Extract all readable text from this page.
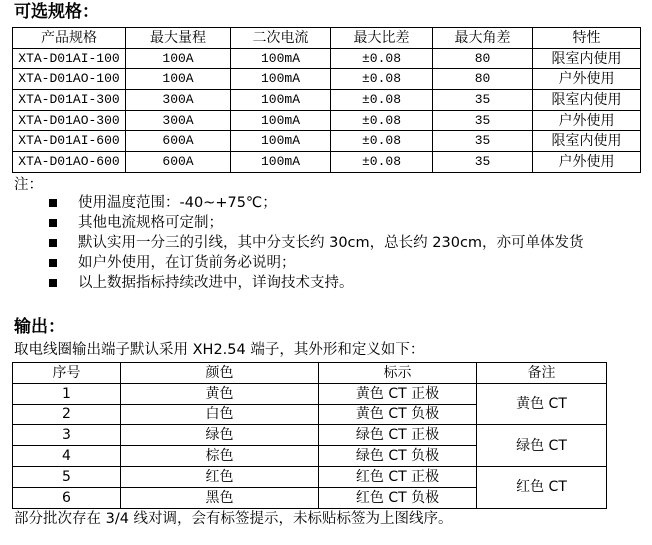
可选规格：
产品规格	最大量程	二次电流	最大比差	最大角差	特性
XTA-D01AI-100	100A	100mA	±0.08	80	限室内使用
XTA-D01AO-100	100A	100mA	±0.08	80	户外使用
XTA-D01AI-300	300A	100mA	±0.08	35	限室内使用
XTA-D01AO-300	300A	100mA	±0.08	35	户外使用
XTA-D01AI-600	600A	100mA	±0.08	35	限室内使用
XTA-D01AO-600	600A	100mA	±0.08	35	户外使用
注：
使用温度范围：-40~+75℃；
其他电流规格可定制；
默认实用一分三的引线，其中分支长约 30cm，总长约 230cm，亦可单体发货
如户外使用，在订货前务必说明；
以上数据指标持续改进中，详询技术支持。
输出：
取电线圈输出端子默认采用 XH2.54 端子，其外形和定义如下：
序号	颜色	标示	备注
1	黄色	黄色 CT 正极	黄色 CT
2	白色	黄色 CT 负极	
3	绿色	绿色 CT 正极	绿色 CT
4	棕色	绿色 CT 负极	
5	红色	红色 CT 正极	红色 CT
6	黑色	红色 CT 负极	
部分批次存在 3/4 线对调，会有标签提示，未标贴标签为上图线序。
